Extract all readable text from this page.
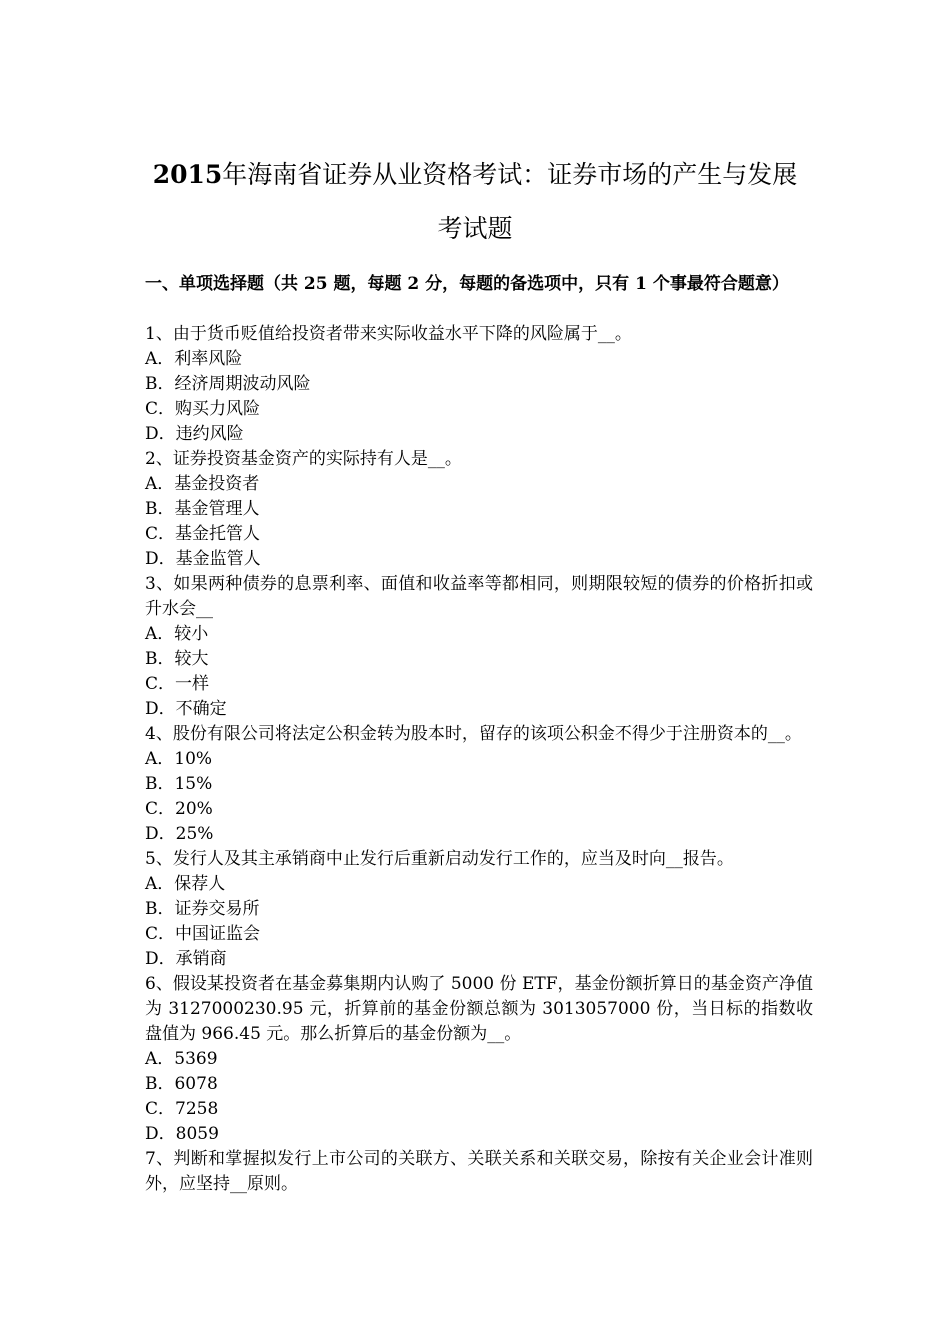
2015年海南省证券从业资格考试：证券市场的产生与发展
考试题
一、单项选择题（共 25 题，每题 2 分，每题的备选项中，只有 1 个事最符合题意）

1、由于货币贬值给投资者带来实际收益水平下降的风险属于__。

A．利率风险

B．经济周期波动风险

C．购买力风险

D．违约风险

2、证券投资基金资产的实际持有人是__。

A．基金投资者

B．基金管理人

C．基金托管人

D．基金监管人

3、如果两种债券的息票利率、面值和收益率等都相同，则期限较短的债券的价格折扣或升水会__

A．较小

B．较大

C．一样

D．不确定

4、股份有限公司将法定公积金转为股本时，留存的该项公积金不得少于注册资本的__。

A．10%

B．15%

C．20%

D．25%

5、发行人及其主承销商中止发行后重新启动发行工作的，应当及时向__报告。

A．保荐人

B．证券交易所

C．中国证监会

D．承销商

6、假设某投资者在基金募集期内认购了 5000 份 ETF，基金份额折算日的基金资产净值为 3127000230.95 元，折算前的基金份额总额为 3013057000 份，当日标的指数收盘值为 966.45 元。那么折算后的基金份额为__。

A．5369

B．6078

C．7258

D．8059

7、判断和掌握拟发行上市公司的关联方、关联关系和关联交易，除按有关企业会计准则外，应坚持__原则。
